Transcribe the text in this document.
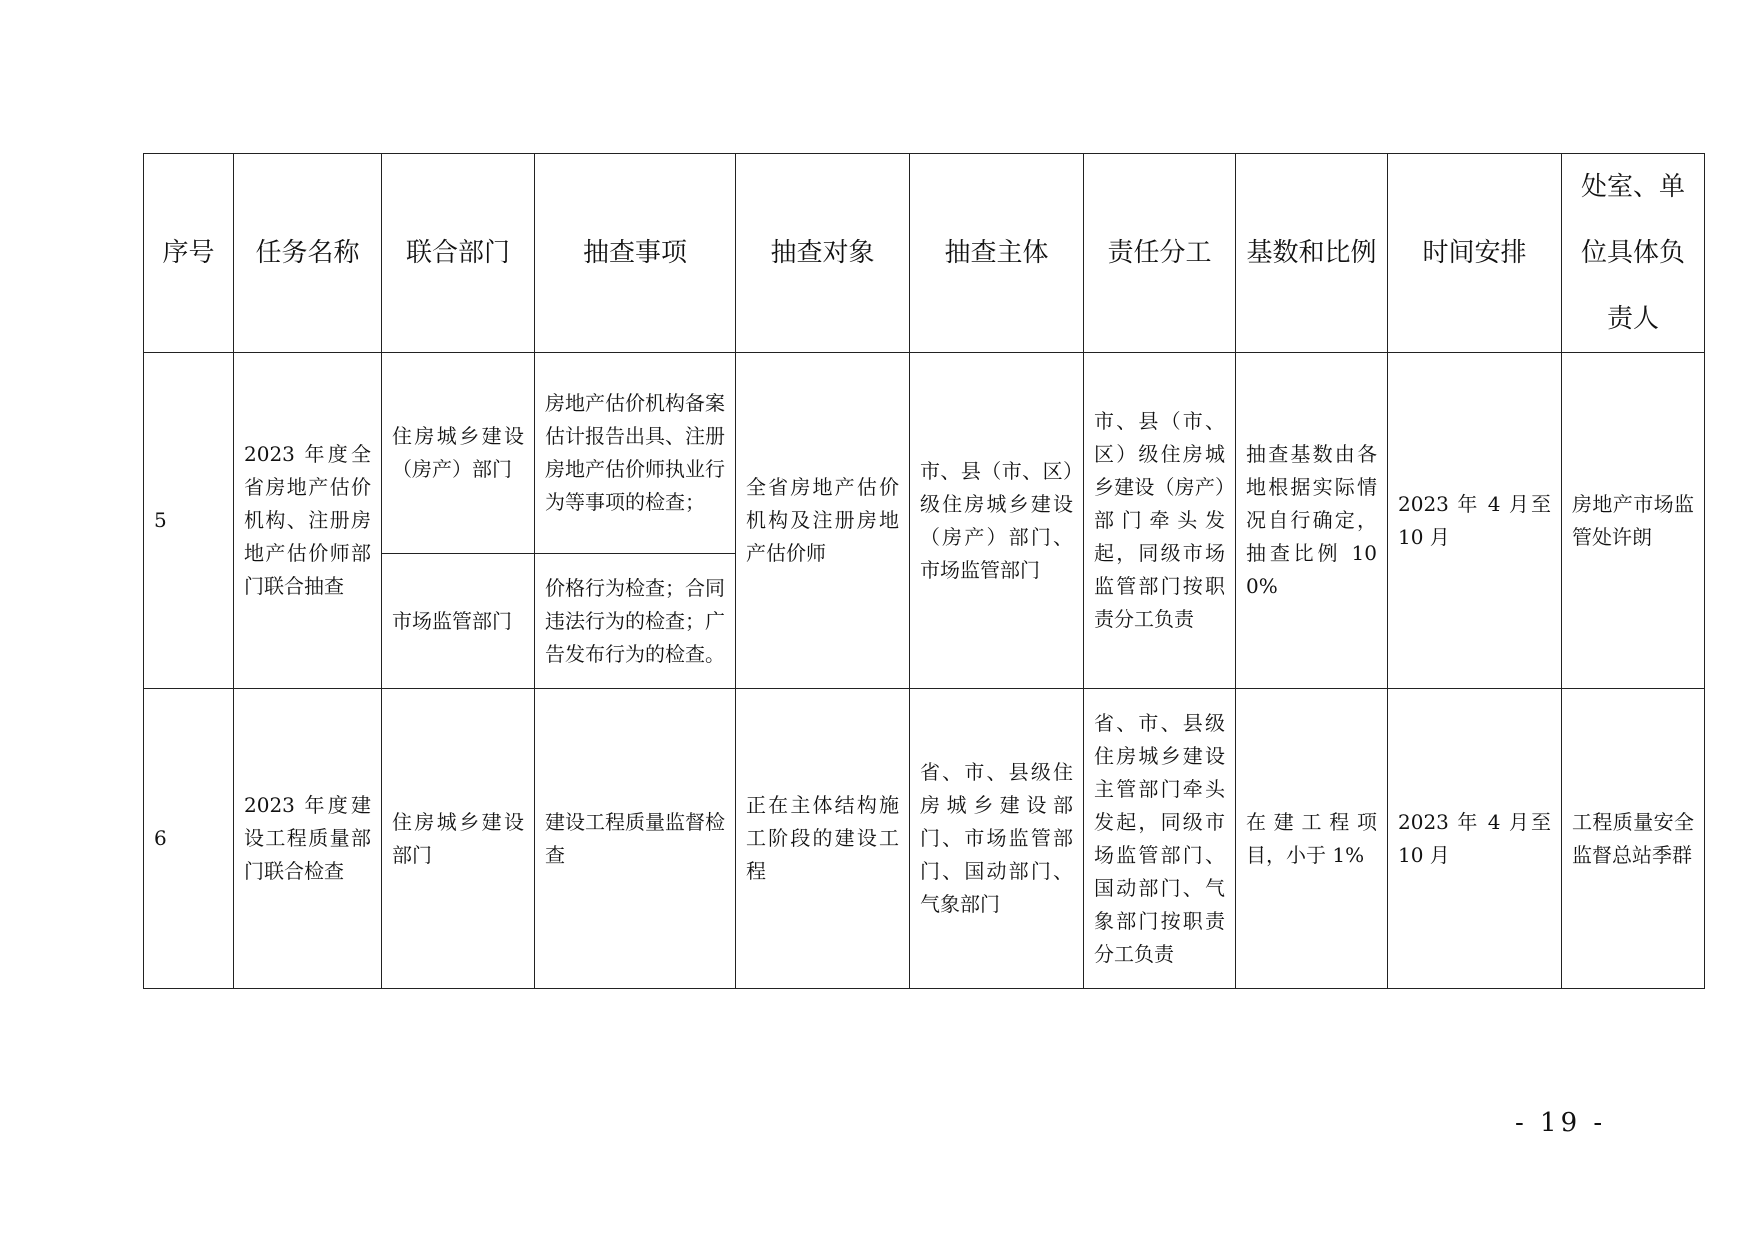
序号	任务名称	联合部门	抽查事项	抽查对象	抽查主体	责任分工	基数和比例	时间安排	处室、单位具体负责人
5	2023 年度全省房地产估价机构、注册房地产估价师部门联合抽查	住房城乡建设（房产）部门	房地产估价机构备案估计报告出具、注册房地产估价师执业行为等事项的检查；	全省房地产估价机构及注册房地产估价师	市、县（市、区）级住房城乡建设（房产）部门、市场监管部门	市、县（市、区）级住房城乡建设（房产）部门牵头发起，同级市场监管部门按职责分工负责	抽查基数由各地根据实际情况自行确定，抽查比例 100%	2023 年 4 月至 10 月	房地产市场监管处许朗
		市场监管部门	价格行为检查；合同违法行为的检查；广告发布行为的检查。						
6	2023 年度建设工程质量部门联合检查	住房城乡建设部门	建设工程质量监督检查	正在主体结构施工阶段的建设工程	省、市、县级住房城乡建设部门、市场监管部门、国动部门、气象部门	省、市、县级住房城乡建设主管部门牵头发起，同级市场监管部门、国动部门、气象部门按职责分工负责	在建工程项目，小于 1%	2023 年 4 月至 10 月	工程质量安全监督总站季群
- 19 -
